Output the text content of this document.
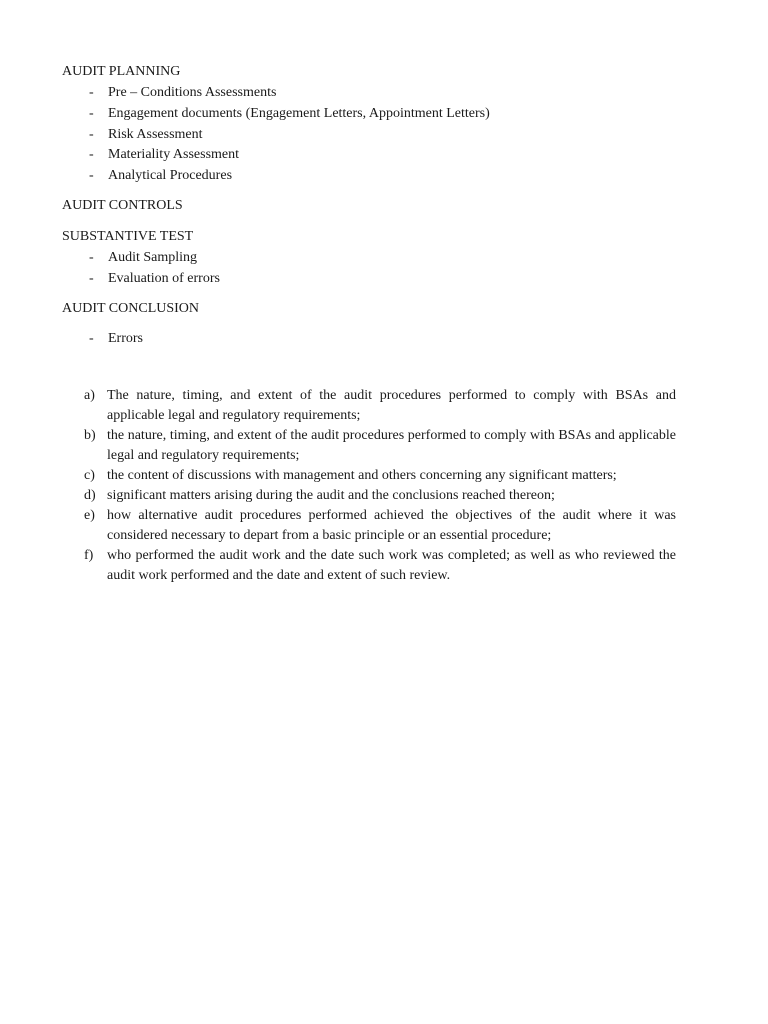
AUDIT PLANNING
- Pre – Conditions Assessments
- Engagement documents (Engagement Letters, Appointment Letters)
- Risk Assessment
- Materiality Assessment
- Analytical Procedures
AUDIT CONTROLS
SUBSTANTIVE TEST
- Audit Sampling
- Evaluation of errors
AUDIT CONCLUSION
- Errors
a) The nature, timing, and extent of the audit procedures performed to comply with BSAs and applicable legal and regulatory requirements;
b) the nature, timing, and extent of the audit procedures performed to comply with BSAs and applicable legal and regulatory requirements;
c) the content of discussions with management and others concerning any significant matters;
d) significant matters arising during the audit and the conclusions reached thereon;
e) how alternative audit procedures performed achieved the objectives of the audit where it was considered necessary to depart from a basic principle or an essential procedure;
f) who performed the audit work and the date such work was completed; as well as who reviewed the audit work performed and the date and extent of such review.
